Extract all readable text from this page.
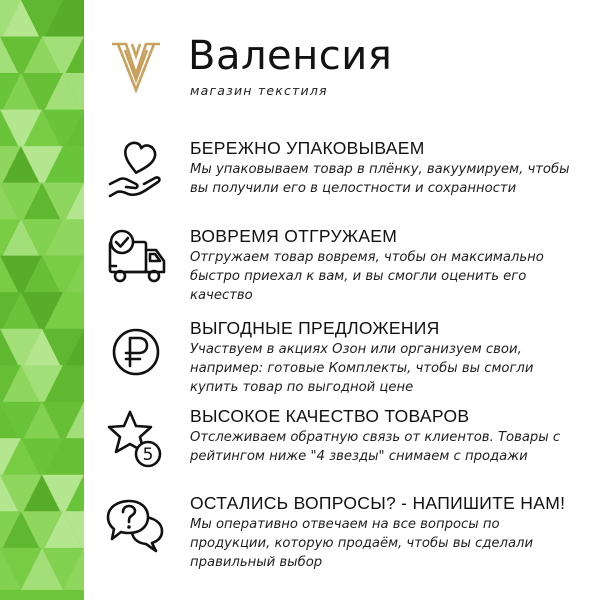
Валенсия
магазин текстиля
БЕРЕЖНО УПАКОВЫВАЕМ
Мы упаковываем товар в плёнку, вакуумируем, чтобы вы получили его в целостности и сохранности
ВОВРЕМЯ ОТГРУЖАЕМ
Отгружаем товар вовремя, чтобы он максимально быстро приехал к вам, и вы смогли оценить его качество
ВЫГОДНЫЕ ПРЕДЛОЖЕНИЯ
Участвуем в акциях Озон или организуем свои, например: готовые Комплекты, чтобы вы смогли купить товар по выгодной цене
5
ВЫСОКОЕ КАЧЕСТВО ТОВАРОВ
Отслеживаем обратную связь от клиентов. Товары с рейтингом ниже "4 звезды" снимаем с продажи
ОСТАЛИСЬ ВОПРОСЫ? - НАПИШИТЕ НАМ!
Мы оперативно отвечаем на все вопросы по продукции, которую продаём, чтобы вы сделали правильный выбор
